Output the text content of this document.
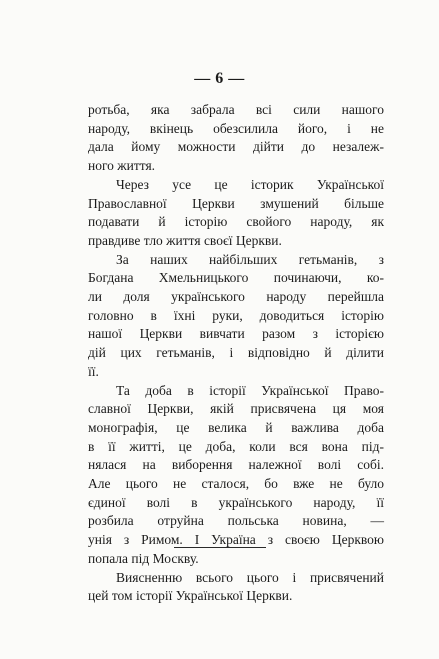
— 6 —
ротьба, яка забрала всі сили нашого
народу, вкінець обезсилила його, і не
дала йому можности дійти до незалеж-
ного життя.
Через усе це історик Української
Православної Церкви змушений більше
подавати й історію свойого народу, як
правдиве тло життя своєї Церкви.
За наших найбільших гетьманів, з
Богдана Хмельницького починаючи, ко-
ли доля українського народу перейшла
головно в їхні руки, доводиться історію
нашої Церкви вивчати разом з історією
дій цих гетьманів, і відповідно й ділити
її.
Та доба в історії Української Право-
славної Церкви, якій присвячена ця моя
монографія, це велика й важлива доба
в її житті, це доба, коли вся вона під-
нялася на виборення належної волі собі.
Але цього не сталося, бо вже не було
єдиної волі в українського народу, її
розбила отруйна польська новина, —
унія з Римом. І Україна з своєю Церквою
попала під Москву.
Виясненню всього цього і присвячений
цей том історії Української Церкви.
